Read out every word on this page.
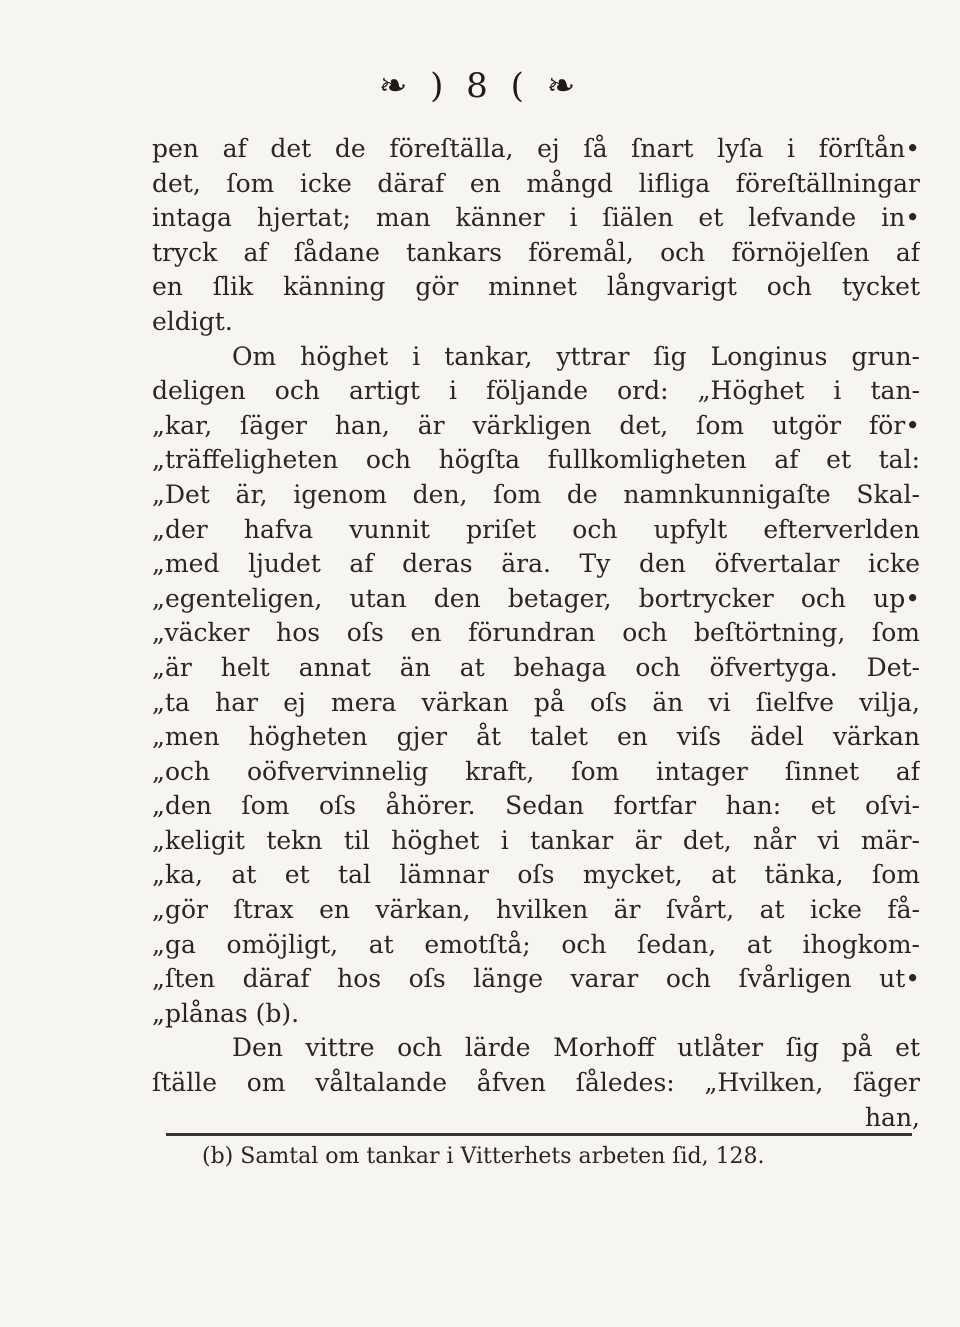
❧ ) 8 ( ❧
pen af det de föreſtälla, ej ſå ſnart lyſa i förſtån•
det, ſom icke däraf en mångd lifliga föreſtällningar
intaga hjertat; man känner i ſiälen et lefvande in•
tryck af ſådane tankars föremål, och förnöjelſen af
en ſlik känning gör minnet långvarigt och tycket
eldigt.
Om höghet i tankar, yttrar ſig Longinus grun-
deligen och artigt i följande ord: „Höghet i tan-
„kar, ſäger han, är värkligen det, ſom utgör för•
„träffeligheten och högſta fullkomligheten af et tal:
„Det är, igenom den, ſom de namnkunnigaſte Skal-
„der hafva vunnit priſet och upfylt efterverlden
„med ljudet af deras ära. Ty den öfvertalar icke
„egenteligen, utan den betager, bortrycker och up•
„väcker hos oſs en förundran och beſtörtning, ſom
„är helt annat än at behaga och öfvertyga. Det-
„ta har ej mera värkan på oſs än vi ſielfve vilja,
„men högheten gjer åt talet en viſs ädel värkan
„och oöfvervinnelig kraft, ſom intager ſinnet af
„den ſom oſs åhörer. Sedan fortfar han: et oſvi-
„keligit tekn til höghet i tankar är det, når vi mär-
„ka, at et tal lämnar oſs mycket, at tänka, ſom
„gör ſtrax en värkan, hvilken är ſvårt, at icke få-
„ga omöjligt, at emotſtå; och ſedan, at ihogkom-
„ſten däraf hos oſs länge varar och ſvårligen ut•
„plånas (b).
Den vittre och lärde Morhoff utlåter ſig på et
ſtälle om våltalande åfven ſåledes: „Hvilken, ſäger
han,
(b) Samtal om tankar i Vitterhets arbeten ſid, 128.
